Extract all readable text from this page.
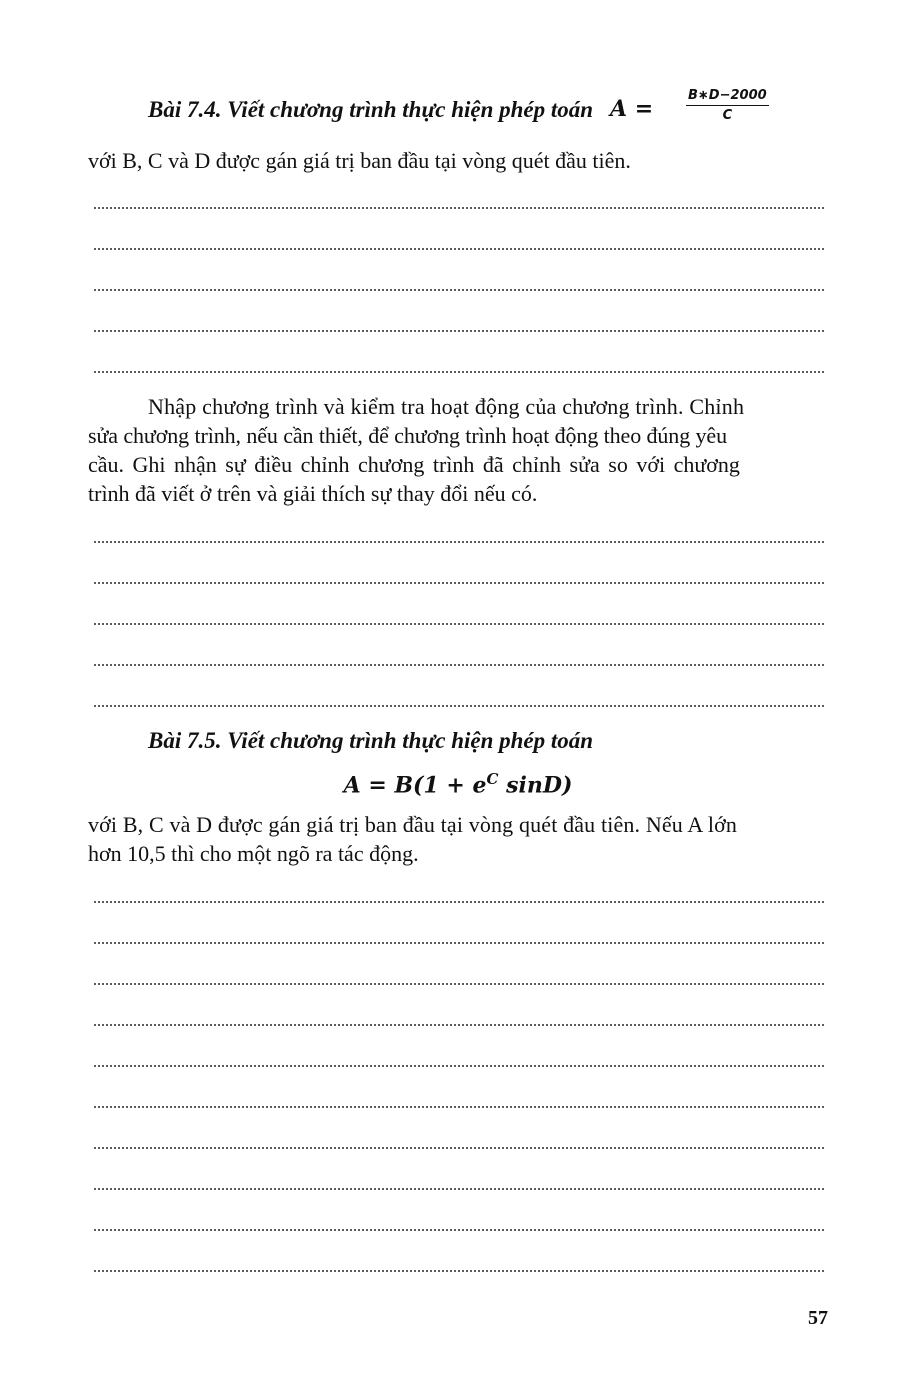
Bài 7.4. Viết chương trình thực hiện phép toán A =
B∗D−2000
C
với B, C và D được gán giá trị ban đầu tại vòng quét đầu tiên.
Nhập chương trình và kiểm tra hoạt động của chương trình. Chỉnh
sửa chương trình, nếu cần thiết, để chương trình hoạt động theo đúng yêu
cầu. Ghi nhận sự điều chỉnh chương trình đã chỉnh sửa so với chương
trình đã viết ở trên và giải thích sự thay đổi nếu có.
Bài 7.5. Viết chương trình thực hiện phép toán
$A = B(1 + e^C$ sinD)
với B, C và D được gán giá trị ban đầu tại vòng quét đầu tiên. Nếu A lớn
hơn 10,5 thì cho một ngõ ra tác động.
57
